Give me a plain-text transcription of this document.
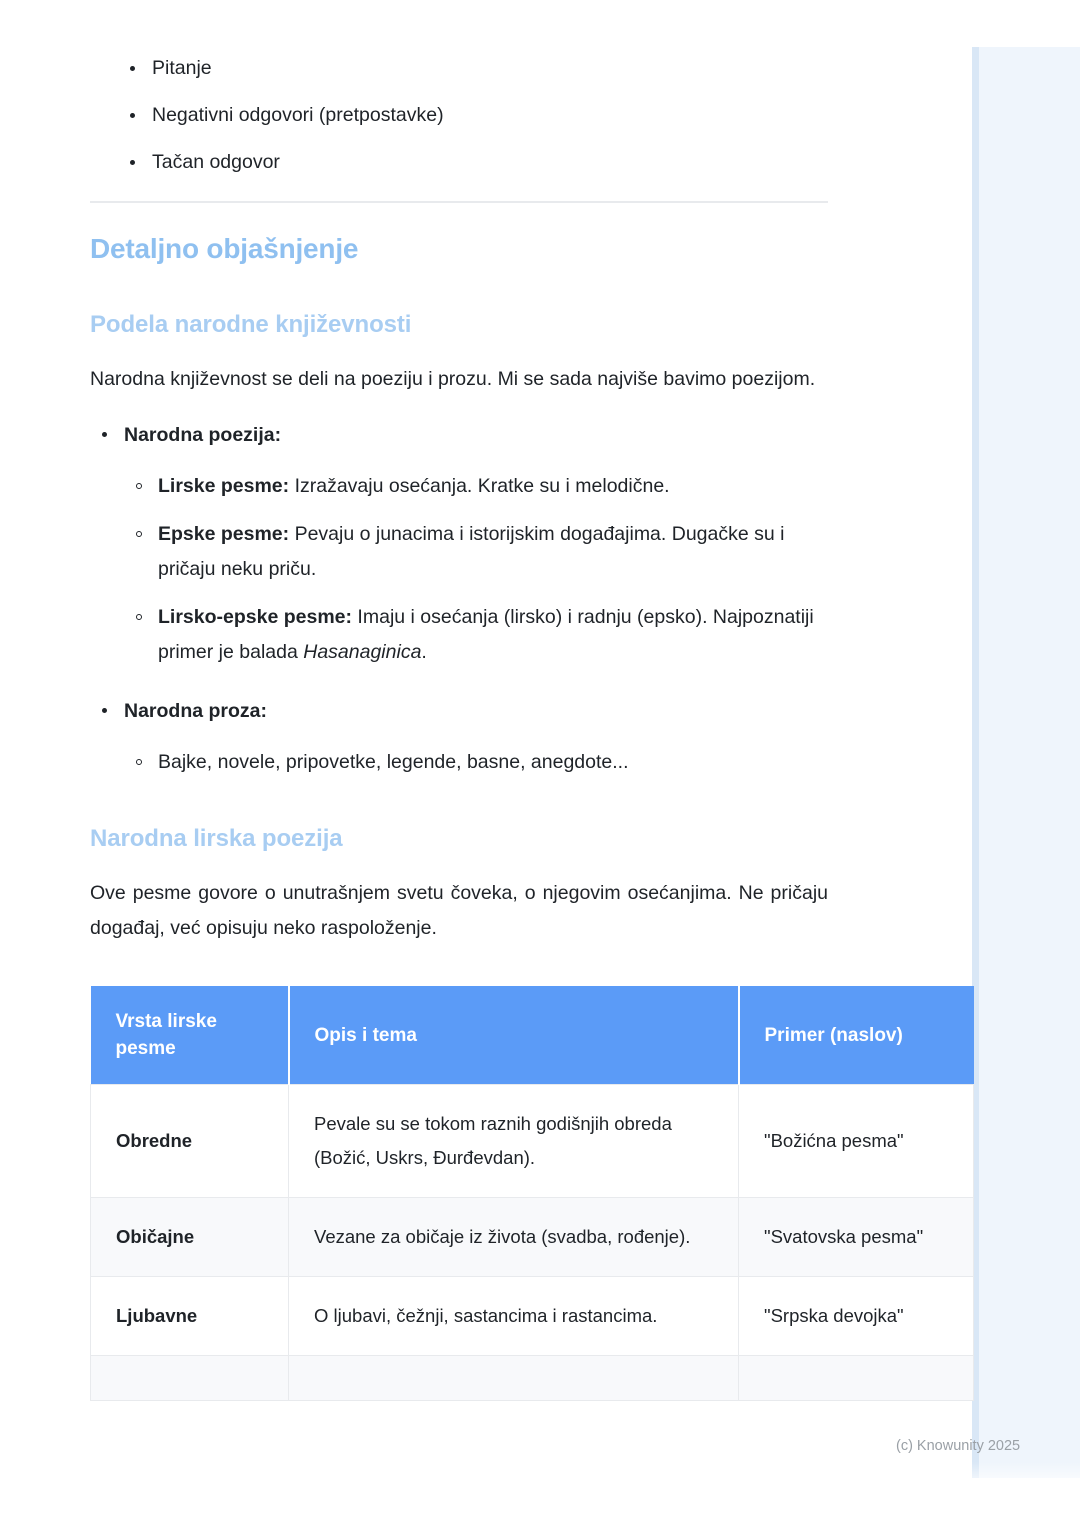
Pitanje
Negativni odgovori (pretpostavke)
Tačan odgovor
Detaljno objašnjenje
Podela narodne književnosti

Narodna književnost se deli na poeziju i prozu. Mi se sada najviše bavimo poezijom.

Narodna poezija:
Lirske pesme: Izražavaju osećanja. Kratke su i melodične.
Epske pesme: Pevaju o junacima i istorijskim događajima. Dugačke su i pričaju neku priču.
Lirsko-epske pesme: Imaju i osećanja (lirsko) i radnju (epsko). Najpoznatiji primer je balada Hasanaginica.
Narodna proza:
Bajke, novele, pripovetke, legende, basne, anegdote...
Narodna lirska poezija

Ove pesme govore o unutrašnjem svetu čoveka, o njegovim osećanjima. Ne pričaju događaj, već opisuju neko raspoloženje.

Vrsta lirske pesme	Opis i tema	Primer (naslov)
Obredne	Pevale su se tokom raznih godišnjih obreda (Božić, Uskrs, Đurđevdan).	"Božićna pesma"
Običajne	Vezane za običaje iz života (svadba, rođenje).	"Svatovska pesma"
Ljubavne	O ljubavi, čežnji, sastancima i rastancima.	"Srpska devojka"

(c) Knowunity 2025
